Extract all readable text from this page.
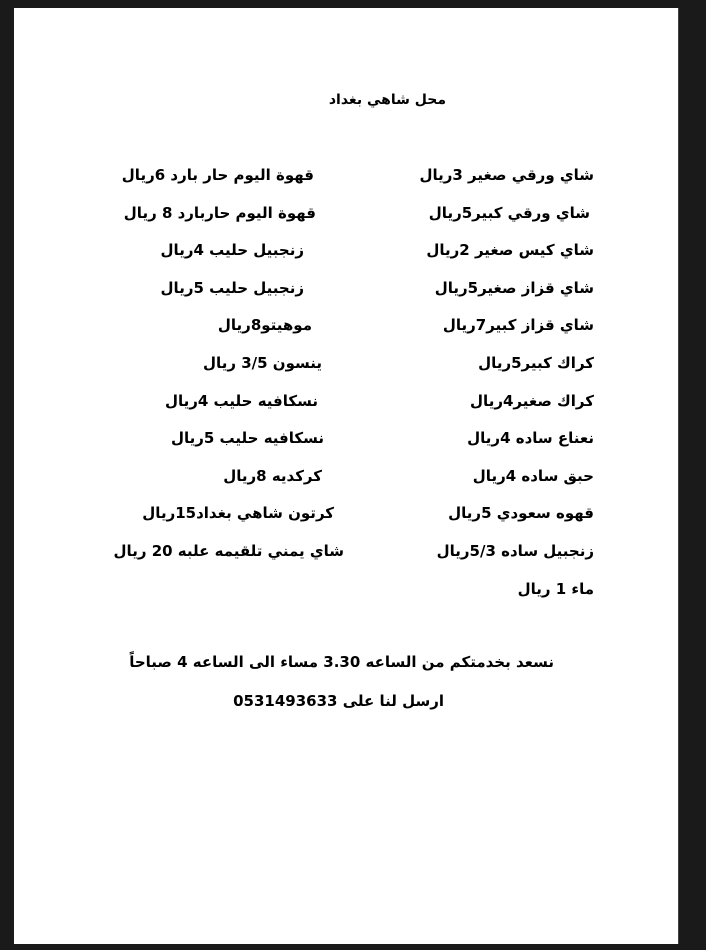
محل شاهي بغداد
شاي ورقي صغير 3ريال
شاي ورقي كبير5ريال
شاي كيس صغير 2ريال
شاي قزاز صغير5ريال
شاي قزاز كبير7ريال
كراك كبير5ريال
كراك صغير4ريال
نعناع ساده 4ريال
حبق ساده 4ريال
قهوه سعودي 5ريال
زنجبيل ساده 5/3ريال
ماء 1 ريال
قهوة اليوم حار بارد 6ريال
قهوة اليوم حاربارد 8 ريال
زنجبيل حليب 4ريال
زنجبيل حليب 5ريال
موهيتو8ريال
ينسون 3/5 ريال
نسكافيه حليب 4ريال
نسكافيه حليب 5ريال
كركديه 8ريال
كرتون شاهي بغداد15ريال
شاي يمني تلقيمه علبه 20 ريال
نسعد بخدمتكم من الساعه 3.30 مساء الى الساعه 4 صباحاً
ارسل لنا على 0531493633
